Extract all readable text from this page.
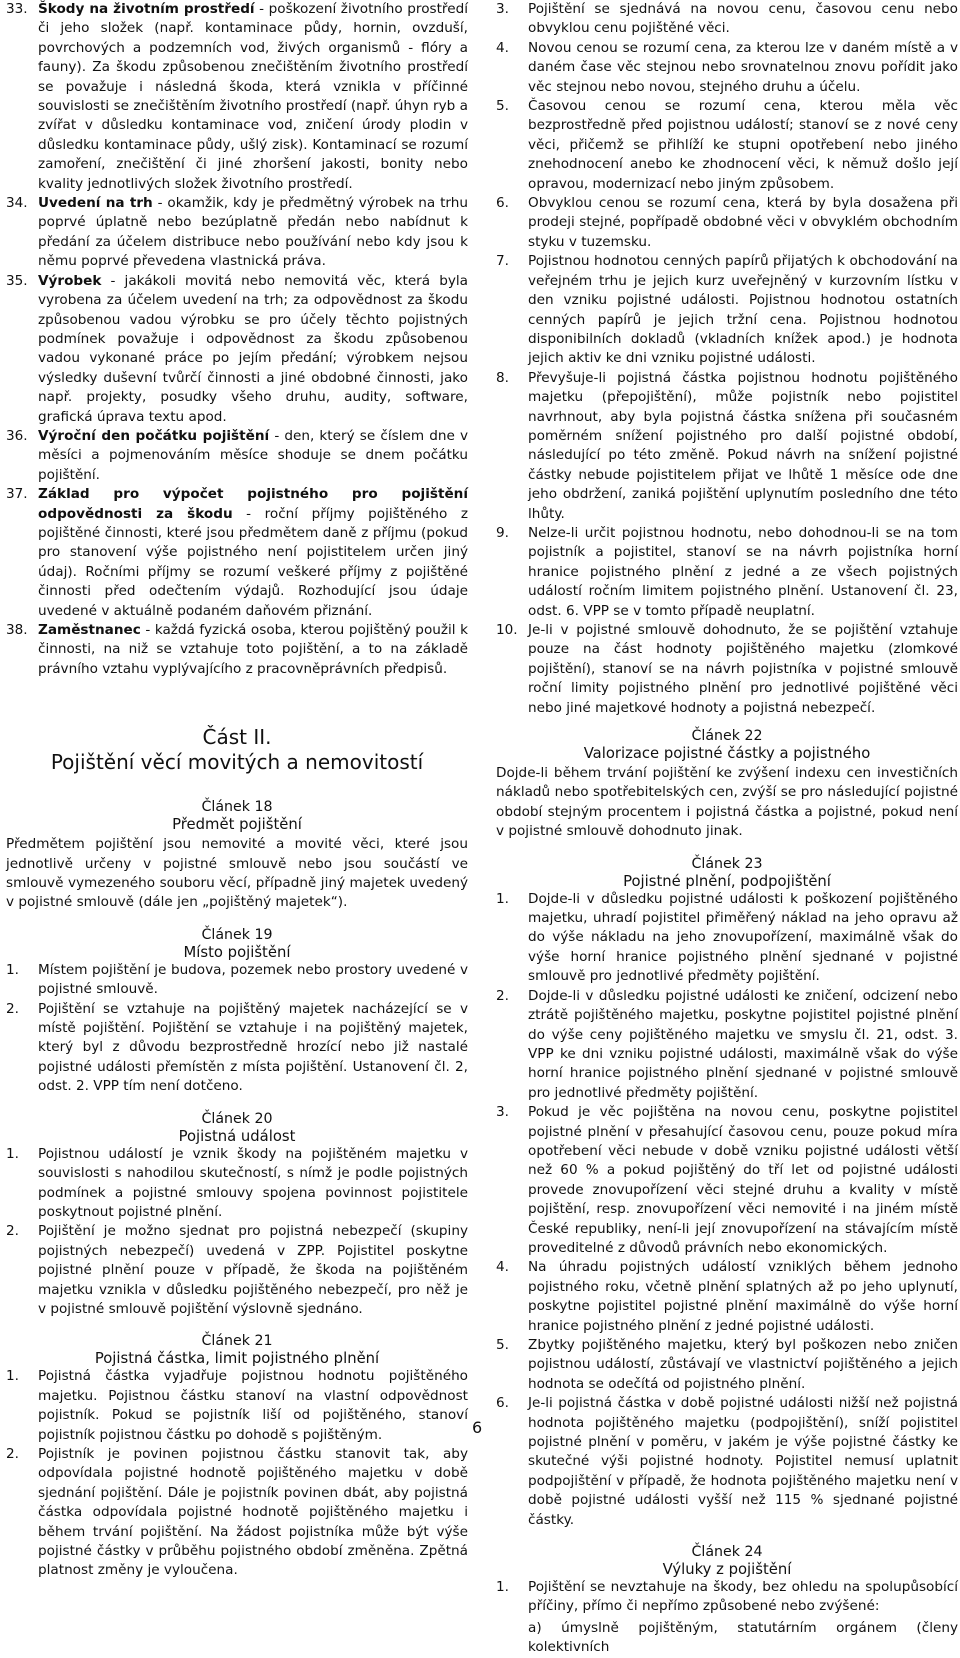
33. Škody na životním prostředí - poškození životního prostředí či jeho složek (např. kontaminace půdy, hornin, ovzduší, povrchových a podzemních vod, živých organismů - flóry a fauny). Za škodu způsobenou znečištěním životního prostředí se považuje i následná škoda, která vznikla v příčinné souvislosti se znečištěním životního prostředí (např. úhyn ryb a zvířat v důsledku kontaminace vod, zničení úrody plodin v důsledku kontaminace půdy, ušlý zisk). Kontaminací se rozumí zamoření, znečištění či jiné zhoršení jakosti, bonity nebo kvality jednotlivých složek životního prostředí.
34. Uvedení na trh - okamžik, kdy je předmětný výrobek na trhu poprvé úplatně nebo bezúplatně předán nebo nabídnut k předání za účelem distribuce nebo používání nebo kdy jsou k němu poprvé převedena vlastnická práva.
35. Výrobek - jakákoli movitá nebo nemovitá věc, která byla vyrobena za účelem uvedení na trh; za odpovědnost za škodu způsobenou vadou výrobku se pro účely těchto pojistných podmínek považuje i odpovědnost za škodu způsobenou vadou vykonané práce po jejím předání; výrobkem nejsou výsledky duševní tvůrčí činnosti a jiné obdobné činnosti, jako např. projekty, posudky všeho druhu, audity, software, grafická úprava textu apod.
36. Výroční den počátku pojištění - den, který se číslem dne v měsíci a pojmenováním měsíce shoduje se dnem počátku pojištění.
37. Základ pro výpočet pojistného pro pojištění odpovědnosti za škodu - roční příjmy pojištěného z pojištěné činnosti, které jsou předmětem daně z příjmu (pokud pro stanovení výše pojistného není pojistitelem určen jiný údaj). Ročními příjmy se rozumí veškeré příjmy z pojištěné činnosti před odečtením výdajů. Rozhodující jsou údaje uvedené v aktuálně podaném daňovém přiznání.
38. Zaměstnanec - každá fyzická osoba, kterou pojištěný použil k činnosti, na niž se vztahuje toto pojištění, a to na základě právního vztahu vyplývajícího z pracovněprávních předpisů.
Část II.
Pojištění věcí movitých a nemovitostí
Článek 18
Předmět pojištění

Předmětem pojištění jsou nemovité a movité věci, které jsou jednotlivě určeny v pojistné smlouvě nebo jsou součástí ve smlouvě vymezeného souboru věcí, případně jiný majetek uvedený v pojistné smlouvě (dále jen „pojištěný majetek“).

Článek 19
Místo pojištění
1. Místem pojištění je budova, pozemek nebo prostory uvedené v pojistné smlouvě.
2. Pojištění se vztahuje na pojištěný majetek nacházející se v místě pojištění. Pojištění se vztahuje i na pojištěný majetek, který byl z důvodu bezprostředně hrozící nebo již nastalé pojistné události přemístěn z místa pojištění. Ustanovení čl. 2, odst. 2. VPP tím není dotčeno.
Článek 20
Pojistná událost
1. Pojistnou událostí je vznik škody na pojištěném majetku v souvislosti s nahodilou skutečností, s nímž je podle pojistných podmínek a pojistné smlouvy spojena povinnost pojistitele poskytnout pojistné plnění.
2. Pojištění je možno sjednat pro pojistná nebezpečí (skupiny pojistných nebezpečí) uvedená v ZPP. Pojistitel poskytne pojistné plnění pouze v případě, že škoda na pojištěném majetku vznikla v důsledku pojištěného nebezpečí, pro něž je v pojistné smlouvě pojištění výslovně sjednáno.
Článek 21
Pojistná částka, limit pojistného plnění
1. Pojistná částka vyjadřuje pojistnou hodnotu pojištěného majetku. Pojistnou částku stanoví na vlastní odpovědnost pojistník. Pokud se pojistník liší od pojištěného, stanoví pojistník pojistnou částku po dohodě s pojištěným.
2. Pojistník je povinen pojistnou částku stanovit tak, aby odpovídala pojistné hodnotě pojištěného majetku v době sjednání pojištění. Dále je pojistník povinen dbát, aby pojistná částka odpovídala pojistné hodnotě pojištěného majetku i během trvání pojištění. Na žádost pojistníka může být výše pojistné částky v průběhu pojistného období změněna. Zpětná platnost změny je vyloučena.
3. Pojištění se sjednává na novou cenu, časovou cenu nebo obvyklou cenu pojištěné věci.
4. Novou cenou se rozumí cena, za kterou lze v daném místě a v daném čase věc stejnou nebo srovnatelnou znovu pořídit jako věc stejnou nebo novou, stejného druhu a účelu.
5. Časovou cenou se rozumí cena, kterou měla věc bezprostředně před pojistnou událostí; stanoví se z nové ceny věci, přičemž se přihlíží ke stupni opotřebení nebo jiného znehodnocení anebo ke zhodnocení věci, k němuž došlo její opravou, modernizací nebo jiným způsobem.
6. Obvyklou cenou se rozumí cena, která by byla dosažena při prodeji stejné, popřípadě obdobné věci v obvyklém obchodním styku v tuzemsku.
7. Pojistnou hodnotou cenných papírů přijatých k obchodování na veřejném trhu je jejich kurz uveřejněný v kurzovním lístku v den vzniku pojistné události. Pojistnou hodnotou ostatních cenných papírů je jejich tržní cena. Pojistnou hodnotou disponibilních dokladů (vkladních knížek apod.) je hodnota jejich aktiv ke dni vzniku pojistné události.
8. Převyšuje-li pojistná částka pojistnou hodnotu pojištěného majetku (přepojištění), může pojistník nebo pojistitel navrhnout, aby byla pojistná částka snížena při současném poměrném snížení pojistného pro další pojistné období, následující po této změně. Pokud návrh na snížení pojistné částky nebude pojistitelem přijat ve lhůtě 1 měsíce ode dne jeho obdržení, zaniká pojištění uplynutím posledního dne této lhůty.
9. Nelze-li určit pojistnou hodnotu, nebo dohodnou-li se na tom pojistník a pojistitel, stanoví se na návrh pojistníka horní hranice pojistného plnění z jedné a ze všech pojistných událostí ročním limitem pojistného plnění. Ustanovení čl. 23, odst. 6. VPP se v tomto případě neuplatní.
10. Je-li v pojistné smlouvě dohodnuto, že se pojištění vztahuje pouze na část hodnoty pojištěného majetku (zlomkové pojištění), stanoví se na návrh pojistníka v pojistné smlouvě roční limity pojistného plnění pro jednotlivé pojištěné věci nebo jiné majetkové hodnoty a pojistná nebezpečí.
Článek 22
Valorizace pojistné částky a pojistného

Dojde-li během trvání pojištění ke zvýšení indexu cen investičních nákladů nebo spotřebitelských cen, zvýší se pro následující pojistné období stejným procentem i pojistná částka a pojistné, pokud není v pojistné smlouvě dohodnuto jinak.

Článek 23
Pojistné plnění, podpojištění
1. Dojde-li v důsledku pojistné události k poškození pojištěného majetku, uhradí pojistitel přiměřený náklad na jeho opravu až do výše nákladu na jeho znovupořízení, maximálně však do výše horní hranice pojistného plnění sjednané v pojistné smlouvě pro jednotlivé předměty pojištění.
2. Dojde-li v důsledku pojistné události ke zničení, odcizení nebo ztrátě pojištěného majetku, poskytne pojistitel pojistné plnění do výše ceny pojištěného majetku ve smyslu čl. 21, odst. 3. VPP ke dni vzniku pojistné události, maximálně však do výše horní hranice pojistného plnění sjednané v pojistné smlouvě pro jednotlivé předměty pojištění.
3. Pokud je věc pojištěna na novou cenu, poskytne pojistitel pojistné plnění v přesahující časovou cenu, pouze pokud míra opotřebení věci nebude v době vzniku pojistné události větší než 60 % a pokud pojištěný do tří let od pojistné události provede znovupořízení věci stejné druhu a kvality v místě pojištění, resp. znovupořízení věci nemovité i na jiném místě České republiky, není-li její znovupořízení na stávajícím místě proveditelné z důvodů právních nebo ekonomických.
4. Na úhradu pojistných událostí vzniklých během jednoho pojistného roku, včetně plnění splatných až po jeho uplynutí, poskytne pojistitel pojistné plnění maximálně do výše horní hranice pojistného plnění z jedné pojistné události.
5. Zbytky pojištěného majetku, který byl poškozen nebo zničen pojistnou událostí, zůstávají ve vlastnictví pojištěného a jejich hodnota se odečítá od pojistného plnění.
6. Je-li pojistná částka v době pojistné události nižší než pojistná hodnota pojištěného majetku (podpojištění), sníží pojistitel pojistné plnění v poměru, v jakém je výše pojistné částky ke skutečné výši pojistné hodnoty. Pojistitel nemusí uplatnit podpojištění v případě, že hodnota pojištěného majetku není v době pojistné události vyšší než 115 % sjednané pojistné částky.
Článek 24
Výluky z pojištění
1. Pojištění se nevztahuje na škody, bez ohledu na spolupůsobící příčiny, přímo či nepřímo způsobené nebo zvýšené:

a) úmyslně pojištěným, statutárním orgánem (členy kolektivních

6
